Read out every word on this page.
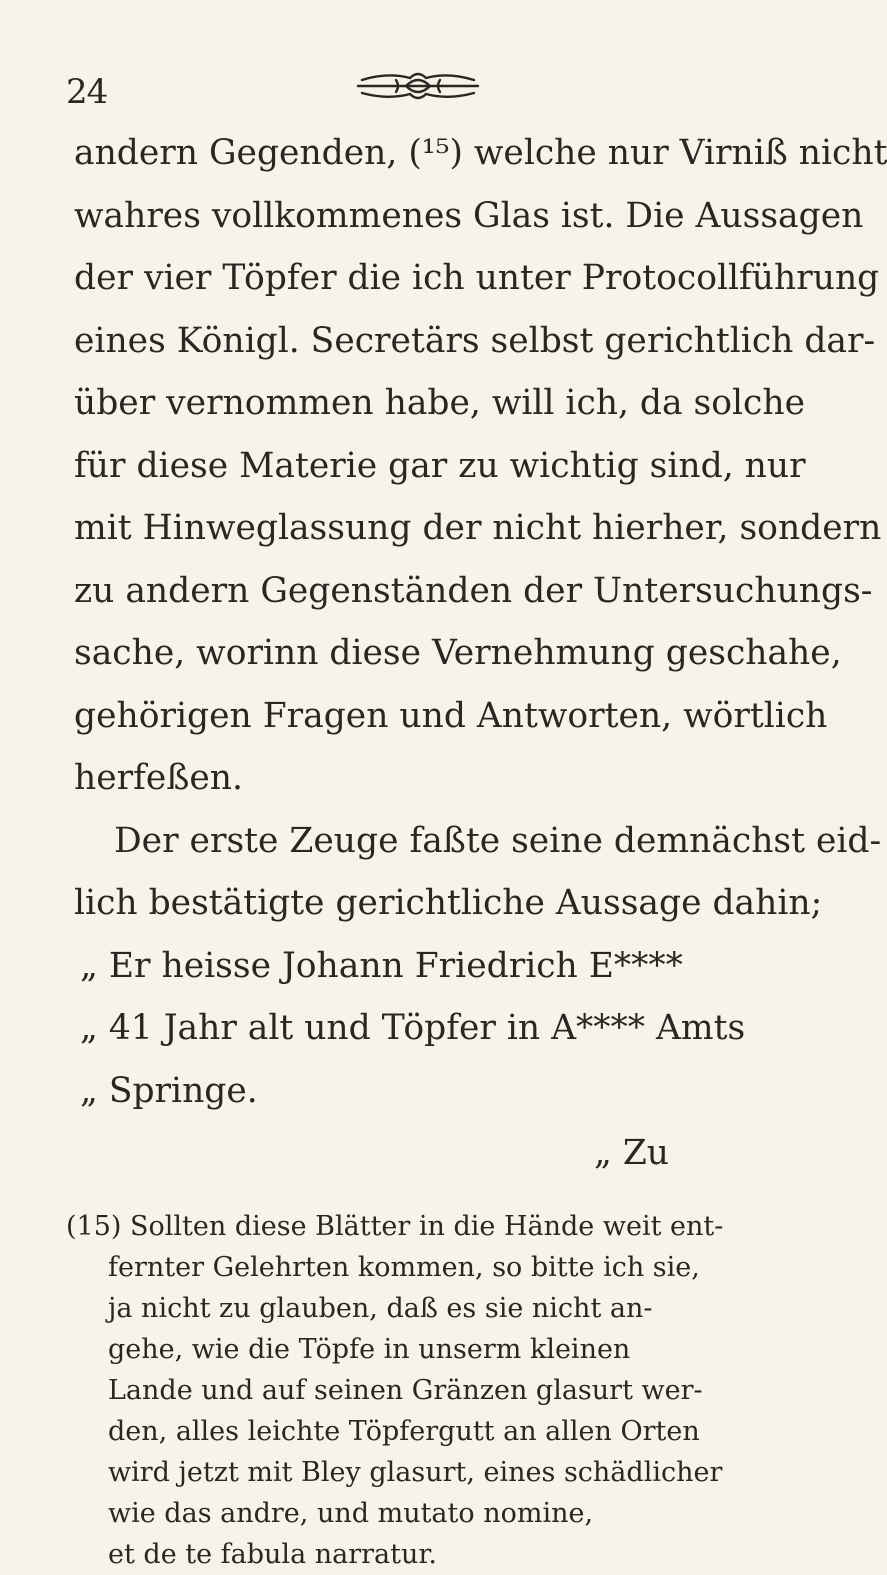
24
andern Gegenden, (¹⁵) welche nur Virniß nicht
wahres vollkommenes Glas ist. Die Aussagen
der vier Töpfer die ich unter Protocollführung
eines Königl. Secretärs selbst gerichtlich dar-
über vernommen habe, will ich, da solche
für diese Materie gar zu wichtig sind, nur
mit Hinweglassung der nicht hierher, sondern
zu andern Gegenständen der Untersuchungs-
sache, worinn diese Vernehmung geschahe,
gehörigen Fragen und Antworten, wörtlich
herfeßen.
Der erste Zeuge faßte seine demnächst eid-
lich bestätigte gerichtliche Aussage dahin;
„ Er heisse Johann Friedrich E****
„ 41 Jahr alt und Töpfer in A**** Amts
„ Springe.
„ Zu
(15) Sollten diese Blätter in die Hände weit ent-
fernter Gelehrten kommen, so bitte ich sie,
ja nicht zu glauben, daß es sie nicht an-
gehe, wie die Töpfe in unserm kleinen
Lande und auf seinen Gränzen glasurt wer-
den, alles leichte Töpfergutt an allen Orten
wird jetzt mit Bley glasurt, eines schädlicher
wie das andre, und mutato nomine,
et de te fabula narratur.
